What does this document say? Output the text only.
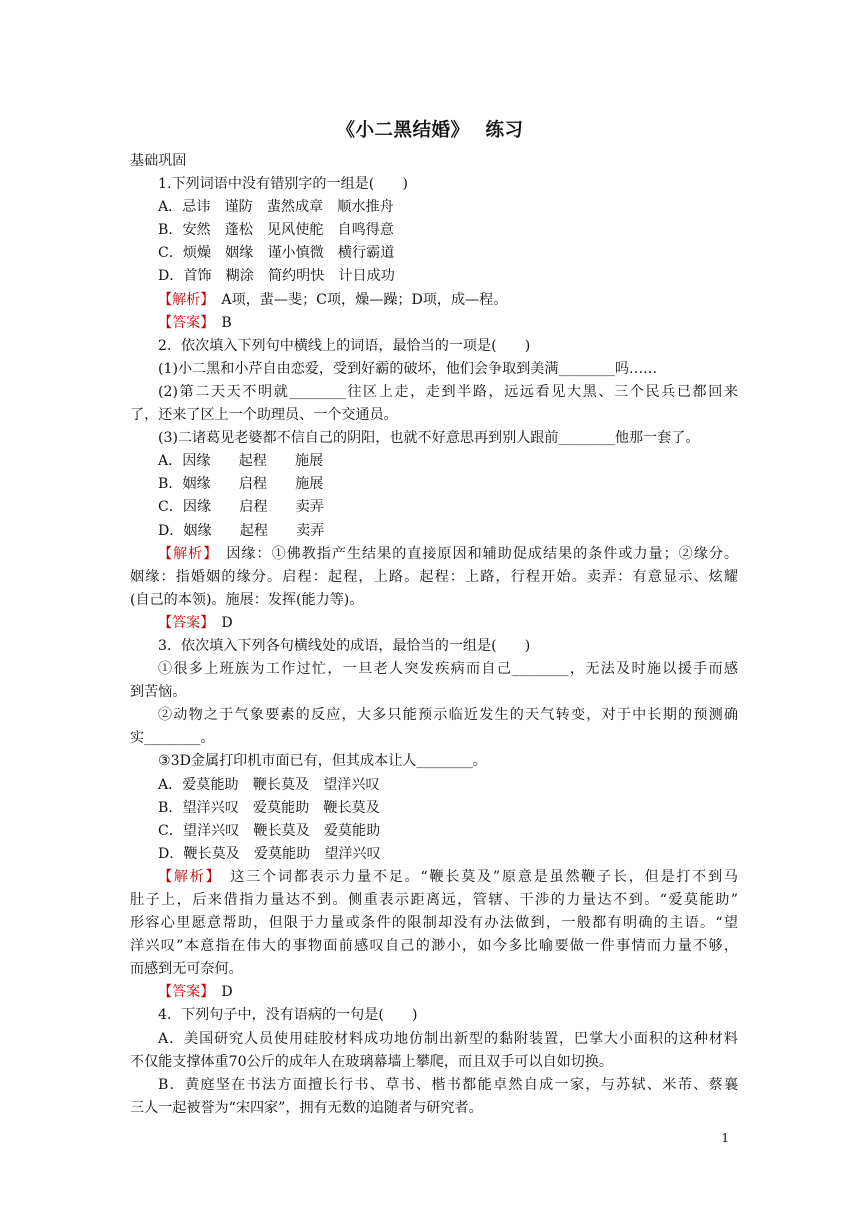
《小二黑结婚》 练习
基础巩固
1.下列词语中没有错别字的一组是(　　)
A．忌讳　谨防　蜚然成章　顺水推舟
B．安然　蓬松　见风使舵　自鸣得意
C．烦燥　姻缘　谨小慎微　横行霸道
D．首饰　糊涂　简约明快　计日成功
【解析】　A项，蜚—斐；C项，燥—躁；D项，成—程。
【答案】　B
2．依次填入下列句中横线上的词语，最恰当的一项是(　　)
(1)小二黑和小芹自由恋爱，受到好霸的破坏，他们会争取到美满________吗……
(2)第二天天不明就________往区上走，走到半路，远远看见大黑、三个民兵已都回来
了，还来了区上一个助理员、一个交通员。
(3)二诸葛见老婆都不信自己的阴阳，也就不好意思再到别人跟前________他那一套了。
A．因缘　　起程　　施展
B．姻缘　　启程　　施展
C．因缘　　启程　　卖弄
D．姻缘　　起程　　卖弄
【解析】　因缘：①佛教指产生结果的直接原因和辅助促成结果的条件或力量；②缘分。
姻缘：指婚姻的缘分。启程：起程，上路。起程：上路，行程开始。卖弄：有意显示、炫耀
(自己的本领)。施展：发挥(能力等)。
【答案】　D
3．依次填入下列各句横线处的成语，最恰当的一组是(　　)
①很多上班族为工作过忙，一旦老人突发疾病而自己________，无法及时施以援手而感
到苦恼。
②动物之于气象要素的反应，大多只能预示临近发生的天气转变，对于中长期的预测确
实________。
③3D金属打印机市面已有，但其成本让人________。
A．爱莫能助　鞭长莫及　望洋兴叹
B．望洋兴叹　爱莫能助　鞭长莫及
C．望洋兴叹　鞭长莫及　爱莫能助
D．鞭长莫及　爱莫能助　望洋兴叹
【解析】　这三个词都表示力量不足。“鞭长莫及”原意是虽然鞭子长，但是打不到马
肚子上，后来借指力量达不到。侧重表示距离远，管辖、干涉的力量达不到。“爱莫能助”
形容心里愿意帮助，但限于力量或条件的限制却没有办法做到，一般都有明确的主语。“望
洋兴叹”本意指在伟大的事物面前感叹自己的渺小，如今多比喻要做一件事情而力量不够，
而感到无可奈何。
【答案】　D
4．下列句子中，没有语病的一句是(　　)
A．美国研究人员使用硅胶材料成功地仿制出新型的黏附装置，巴掌大小面积的这种材料
不仅能支撑体重70公斤的成年人在玻璃幕墙上攀爬，而且双手可以自如切换。
B．黄庭坚在书法方面擅长行书、草书、楷书都能卓然自成一家，与苏轼、米芾、蔡襄
三人一起被誉为“宋四家”，拥有无数的追随者与研究者。
1
